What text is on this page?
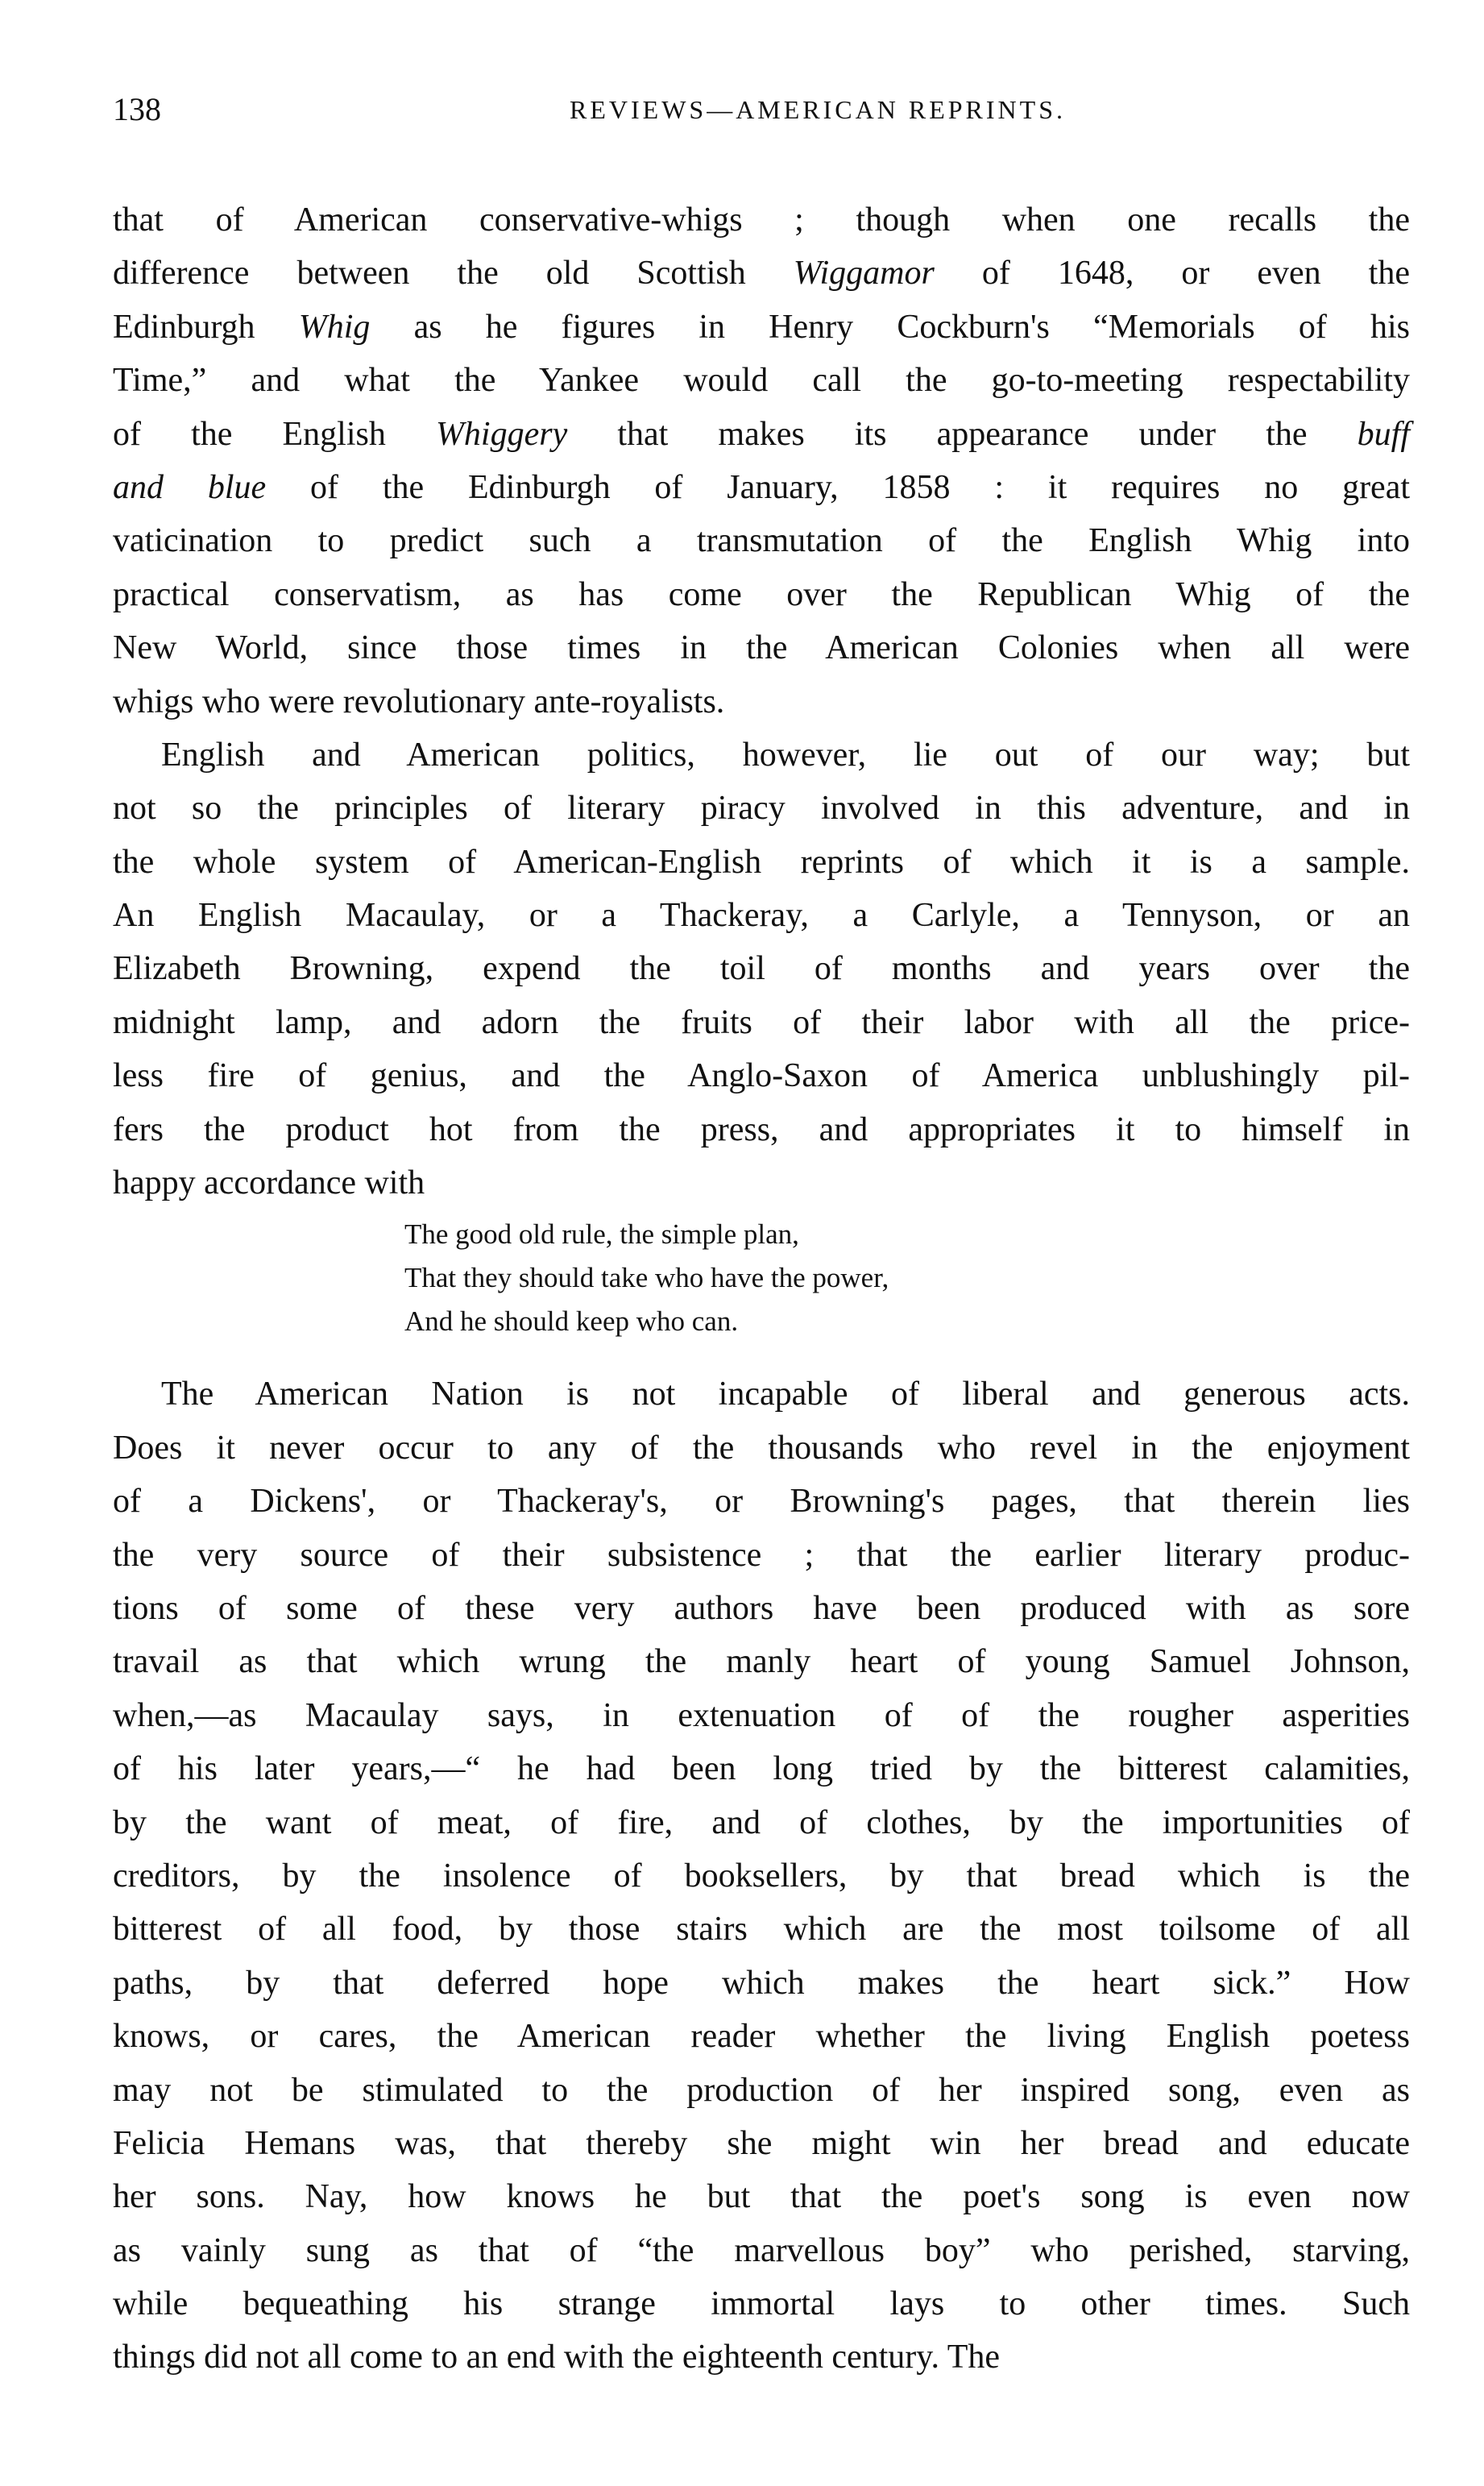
138	REVIEWS—AMERICAN REPRINTS.
that of American conservative-whigs ; though when one recalls the
difference between the old Scottish Wiggamor of 1648, or even the
Edinburgh Whig as he figures in Henry Cockburn's “Memorials of his
Time,” and what the Yankee would call the go-to-meeting respectability
of the English Whiggery that makes its appearance under the buff
and blue of the Edinburgh of January, 1858 : it requires no great
vaticination to predict such a transmutation of the English Whig into
practical conservatism, as has come over the Republican Whig of the
New World, since those times in the American Colonies when all were
whigs who were revolutionary ante-royalists.
English and American politics, however, lie out of our way; but
not so the principles of literary piracy involved in this adventure, and in
the whole system of American-English reprints of which it is a sample.
An English Macaulay, or a Thackeray, a Carlyle, a Tennyson, or an
Elizabeth Browning, expend the toil of months and years over the
midnight lamp, and adorn the fruits of their labor with all the price-
less fire of genius, and the Anglo-Saxon of America unblushingly pil-
fers the product hot from the press, and appropriates it to himself in
happy accordance with
The good old rule, the simple plan,
That they should take who have the power,
And he should keep who can.
The American Nation is not incapable of liberal and generous acts.
Does it never occur to any of the thousands who revel in the enjoyment
of a Dickens', or Thackeray's, or Browning's pages, that therein lies
the very source of their subsistence ; that the earlier literary produc-
tions of some of these very authors have been produced with as sore
travail as that which wrung the manly heart of young Samuel Johnson,
when,—as Macaulay says, in extenuation of of the rougher asperities
of his later years,—“ he had been long tried by the bitterest calamities,
by the want of meat, of fire, and of clothes, by the importunities of
creditors, by the insolence of booksellers, by that bread which is the
bitterest of all food, by those stairs which are the most toilsome of all
paths, by that deferred hope which makes the heart sick.” How
knows, or cares, the American reader whether the living English poetess
may not be stimulated to the production of her inspired song, even as
Felicia Hemans was, that thereby she might win her bread and educate
her sons. Nay, how knows he but that the poet's song is even now
as vainly sung as that of “the marvellous boy” who perished, starving,
while bequeathing his strange immortal lays to other times. Such
things did not all come to an end with the eighteenth century. The
